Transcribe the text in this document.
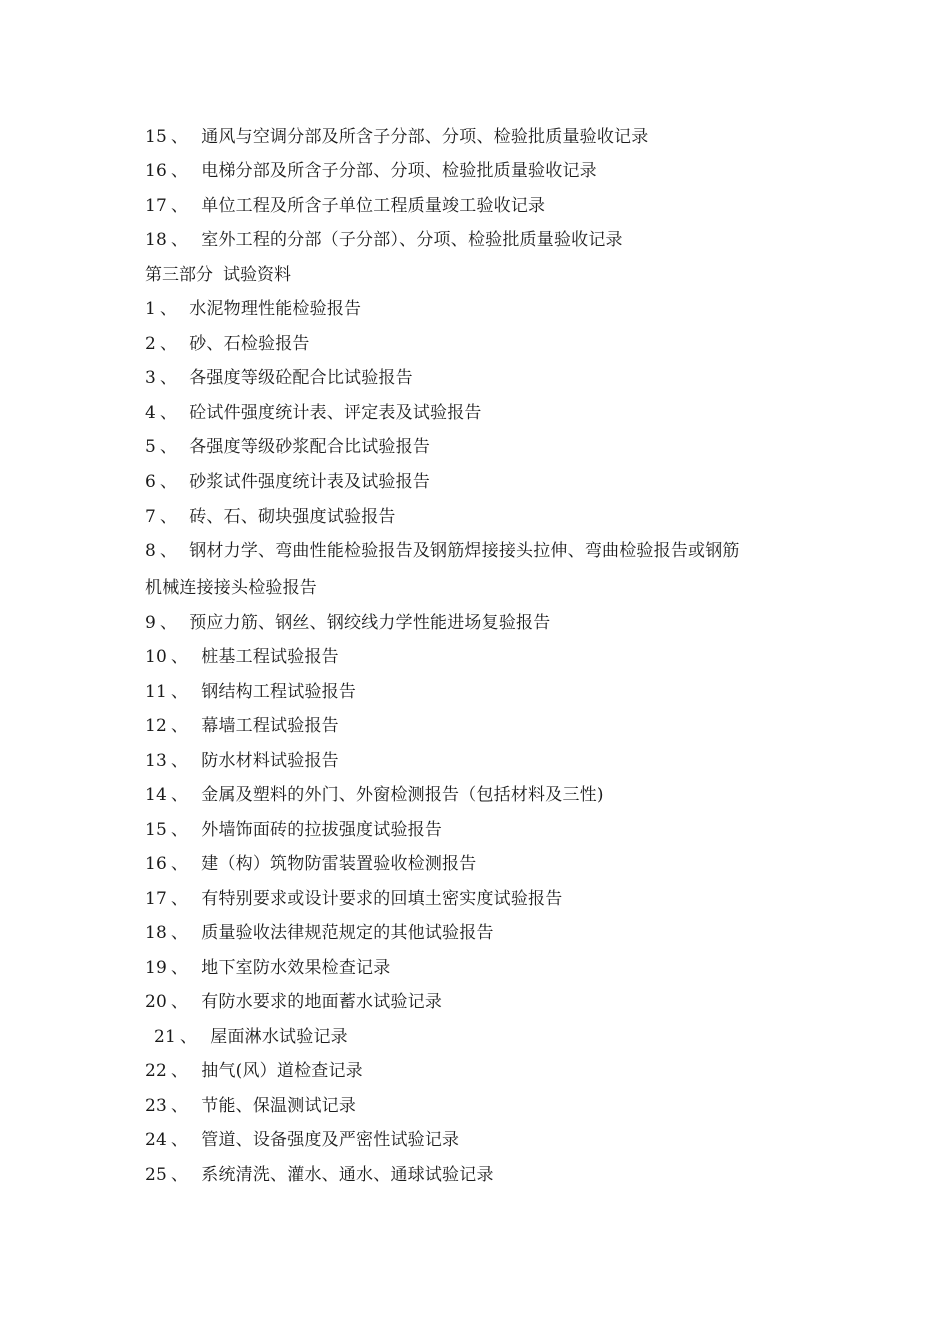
15 、 通风与空调分部及所含子分部、分项、检验批质量验收记录
16 、 电梯分部及所含子分部、分项、检验批质量验收记录
17 、 单位工程及所含子单位工程质量竣工验收记录
18 、 室外工程的分部（子分部）、分项、检验批质量验收记录
第三部分 试验资料
1 、 水泥物理性能检验报告
2 、 砂、石检验报告
3 、 各强度等级砼配合比试验报告
4 、 砼试件强度统计表、评定表及试验报告
5 、 各强度等级砂浆配合比试验报告
6 、 砂浆试件强度统计表及试验报告
7 、 砖、石、砌块强度试验报告
8 、 钢材力学、弯曲性能检验报告及钢筋焊接接头拉伸、弯曲检验报告或钢筋
机械连接接头检验报告
9 、 预应力筋、钢丝、钢绞线力学性能进场复验报告
10 、 桩基工程试验报告
11 、 钢结构工程试验报告
12 、 幕墙工程试验报告
13 、 防水材料试验报告
14 、 金属及塑料的外门、外窗检测报告（包括材料及三性)
15 、 外墙饰面砖的拉拔强度试验报告
16 、 建（构）筑物防雷装置验收检测报告
17 、 有特别要求或设计要求的回填土密实度试验报告
18 、 质量验收法律规范规定的其他试验报告
19 、 地下室防水效果检查记录
20 、 有防水要求的地面蓄水试验记录
21 、 屋面淋水试验记录
22 、 抽气(风）道检查记录
23 、 节能、保温测试记录
24 、 管道、设备强度及严密性试验记录
25 、 系统清洗、灌水、通水、通球试验记录
